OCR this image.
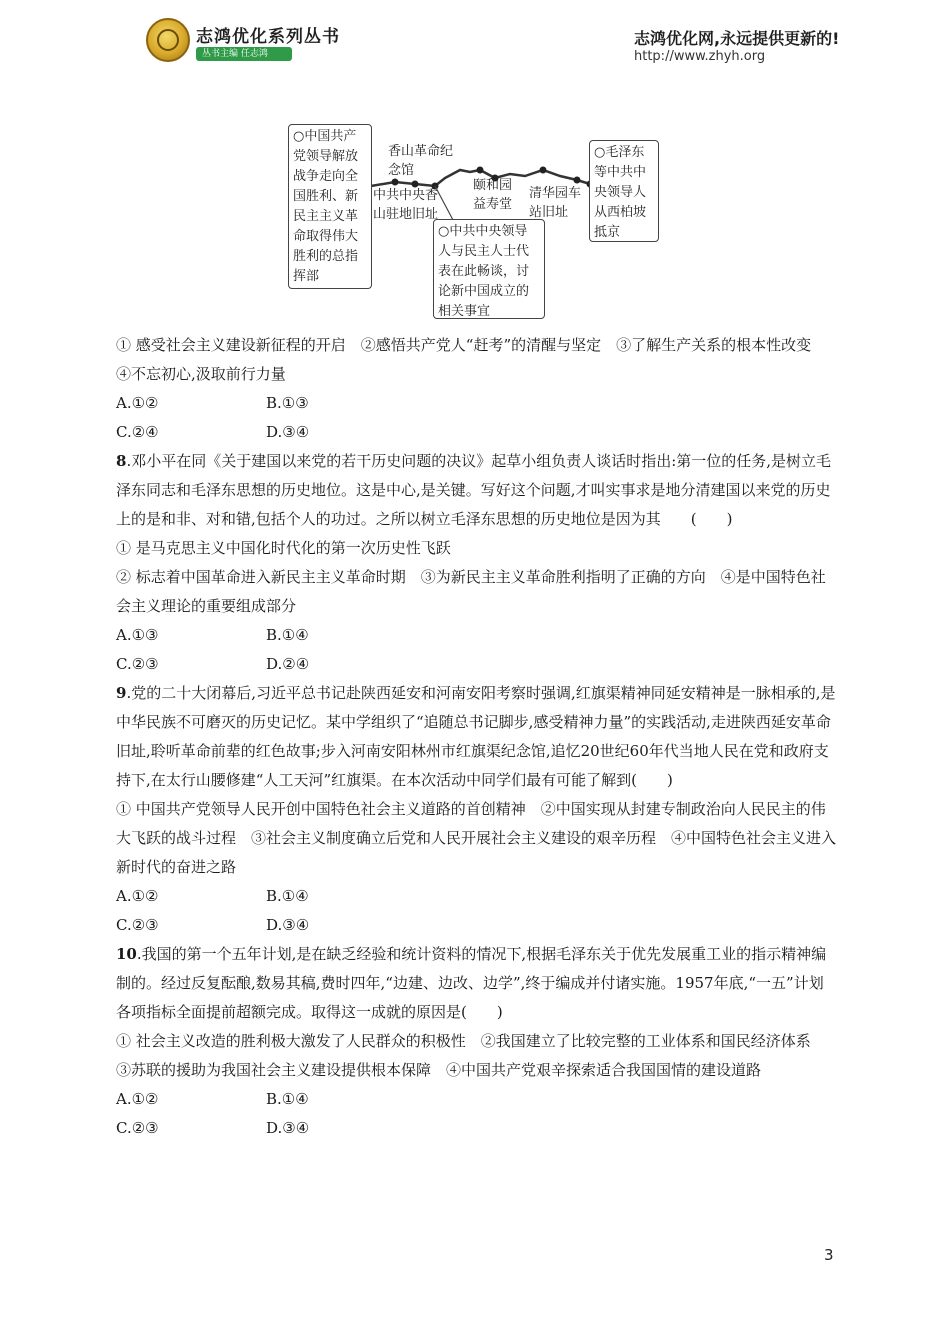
志鸿优化系列丛书
丛书主编 任志鸿
志鸿优化网,永远提供更新的!
http://www.zhyh.org
○中国共产党领导解放战争走向全国胜利、新民主主义革命取得伟大胜利的总指挥部
○中共中央领导人与民主人士代表在此畅谈，讨论新中国成立的相关事宜
○毛泽东等中共中央领导人从西柏坡抵京
香山革命纪念馆
中共中央香山驻地旧址
颐和园益寿堂
清华园车站旧址

① 感受社会主义建设新征程的开启　②感悟共产党人“赶考”的清醒与坚定　③了解生产关系的根本性改变　④不忘初心,汲取前行力量

A.①②	B.①③
C.②④	D.③④

8.邓小平在同《关于建国以来党的若干历史问题的决议》起草小组负责人谈话时指出:第一位的任务,是树立毛泽东同志和毛泽东思想的历史地位。这是中心,是关键。写好这个问题,才叫实事求是地分清建国以来党的历史上的是和非、对和错,包括个人的功过。之所以树立毛泽东思想的历史地位是因为其　　(　　)

① 是马克思主义中国化时代化的第一次历史性飞跃

② 标志着中国革命进入新民主主义革命时期　③为新民主主义革命胜利指明了正确的方向　④是中国特色社会主义理论的重要组成部分

A.①③	B.①④
C.②③	D.②④

9.党的二十大闭幕后,习近平总书记赴陕西延安和河南安阳考察时强调,红旗渠精神同延安精神是一脉相承的,是中华民族不可磨灭的历史记忆。某中学组织了“追随总书记脚步,感受精神力量”的实践活动,走进陕西延安革命旧址,聆听革命前辈的红色故事;步入河南安阳林州市红旗渠纪念馆,追忆20世纪60年代当地人民在党和政府支持下,在太行山腰修建“人工天河”红旗渠。在本次活动中同学们最有可能了解到(　　)

① 中国共产党领导人民开创中国特色社会主义道路的首创精神　②中国实现从封建专制政治向人民民主的伟大飞跃的战斗过程　③社会主义制度确立后党和人民开展社会主义建设的艰辛历程　④中国特色社会主义进入新时代的奋进之路

A.①②	B.①④
C.②③	D.③④

10.我国的第一个五年计划,是在缺乏经验和统计资料的情况下,根据毛泽东关于优先发展重工业的指示精神编制的。经过反复酝酿,数易其稿,费时四年,“边建、边改、边学”,终于编成并付诸实施。1957年底,“一五”计划各项指标全面提前超额完成。取得这一成就的原因是(　　)

① 社会主义改造的胜利极大激发了人民群众的积极性　②我国建立了比较完整的工业体系和国民经济体系　③苏联的援助为我国社会主义建设提供根本保障　④中国共产党艰辛探索适合我国国情的建设道路

A.①②	B.①④
C.②③	D.③④
3
